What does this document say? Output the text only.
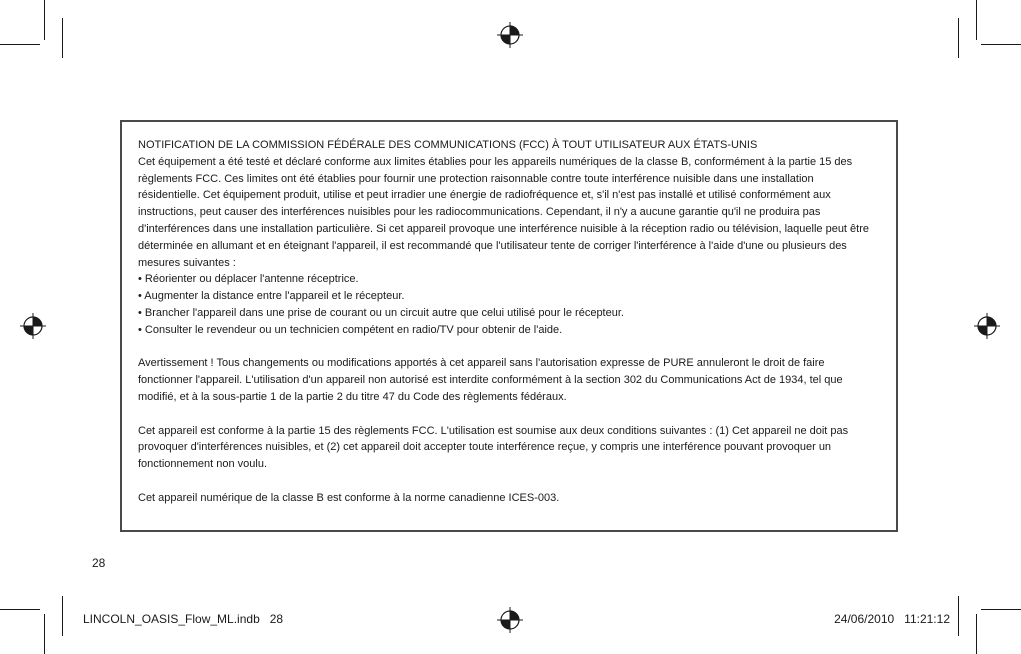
NOTIFICATION DE LA COMMISSION FÉDÉRALE DES COMMUNICATIONS (FCC) À TOUT UTILISATEUR AUX ÉTATS-UNIS

Cet équipement a été testé et déclaré conforme aux limites établies pour les appareils numériques de la classe B, conformément à la partie 15 des règlements FCC. Ces limites ont été établies pour fournir une protection raisonnable contre toute interférence nuisible dans une installation résidentielle. Cet équipement produit, utilise et peut irradier une énergie de radiofréquence et, s'il n'est pas installé et utilisé conformément aux instructions, peut causer des interférences nuisibles pour les radiocommunications. Cependant, il n'y a aucune garantie qu'il ne produira pas d'interférences dans une installation particulière. Si cet appareil provoque une interférence nuisible à la réception radio ou télévision, laquelle peut être déterminée en allumant et en éteignant l'appareil, il est recommandé que l'utilisateur tente de corriger l'interférence à l'aide d'une ou plusieurs des mesures suivantes :

• Réorienter ou déplacer l'antenne réceptrice.

• Augmenter la distance entre l'appareil et le récepteur.

• Brancher l'appareil dans une prise de courant ou un circuit autre que celui utilisé pour le récepteur.

• Consulter le revendeur ou un technicien compétent en radio/TV pour obtenir de l'aide.

Avertissement ! Tous changements ou modifications apportés à cet appareil sans l'autorisation expresse de PURE annuleront le droit de faire fonctionner l'appareil. L'utilisation d'un appareil non autorisé est interdite conformément à la section 302 du Communications Act de 1934, tel que modifié, et à la sous-partie 1 de la partie 2 du titre 47 du Code des règlements fédéraux.

Cet appareil est conforme à la partie 15 des règlements FCC. L'utilisation est soumise aux deux conditions suivantes : (1) Cet appareil ne doit pas provoquer d'interférences nuisibles, et (2) cet appareil doit accepter toute interférence reçue, y compris une interférence pouvant provoquer un fonctionnement non voulu.

Cet appareil numérique de la classe B est conforme à la norme canadienne ICES-003.

28
LINCOLN_OASIS_Flow_ML.indb   28	24/06/2010   11:21:12
